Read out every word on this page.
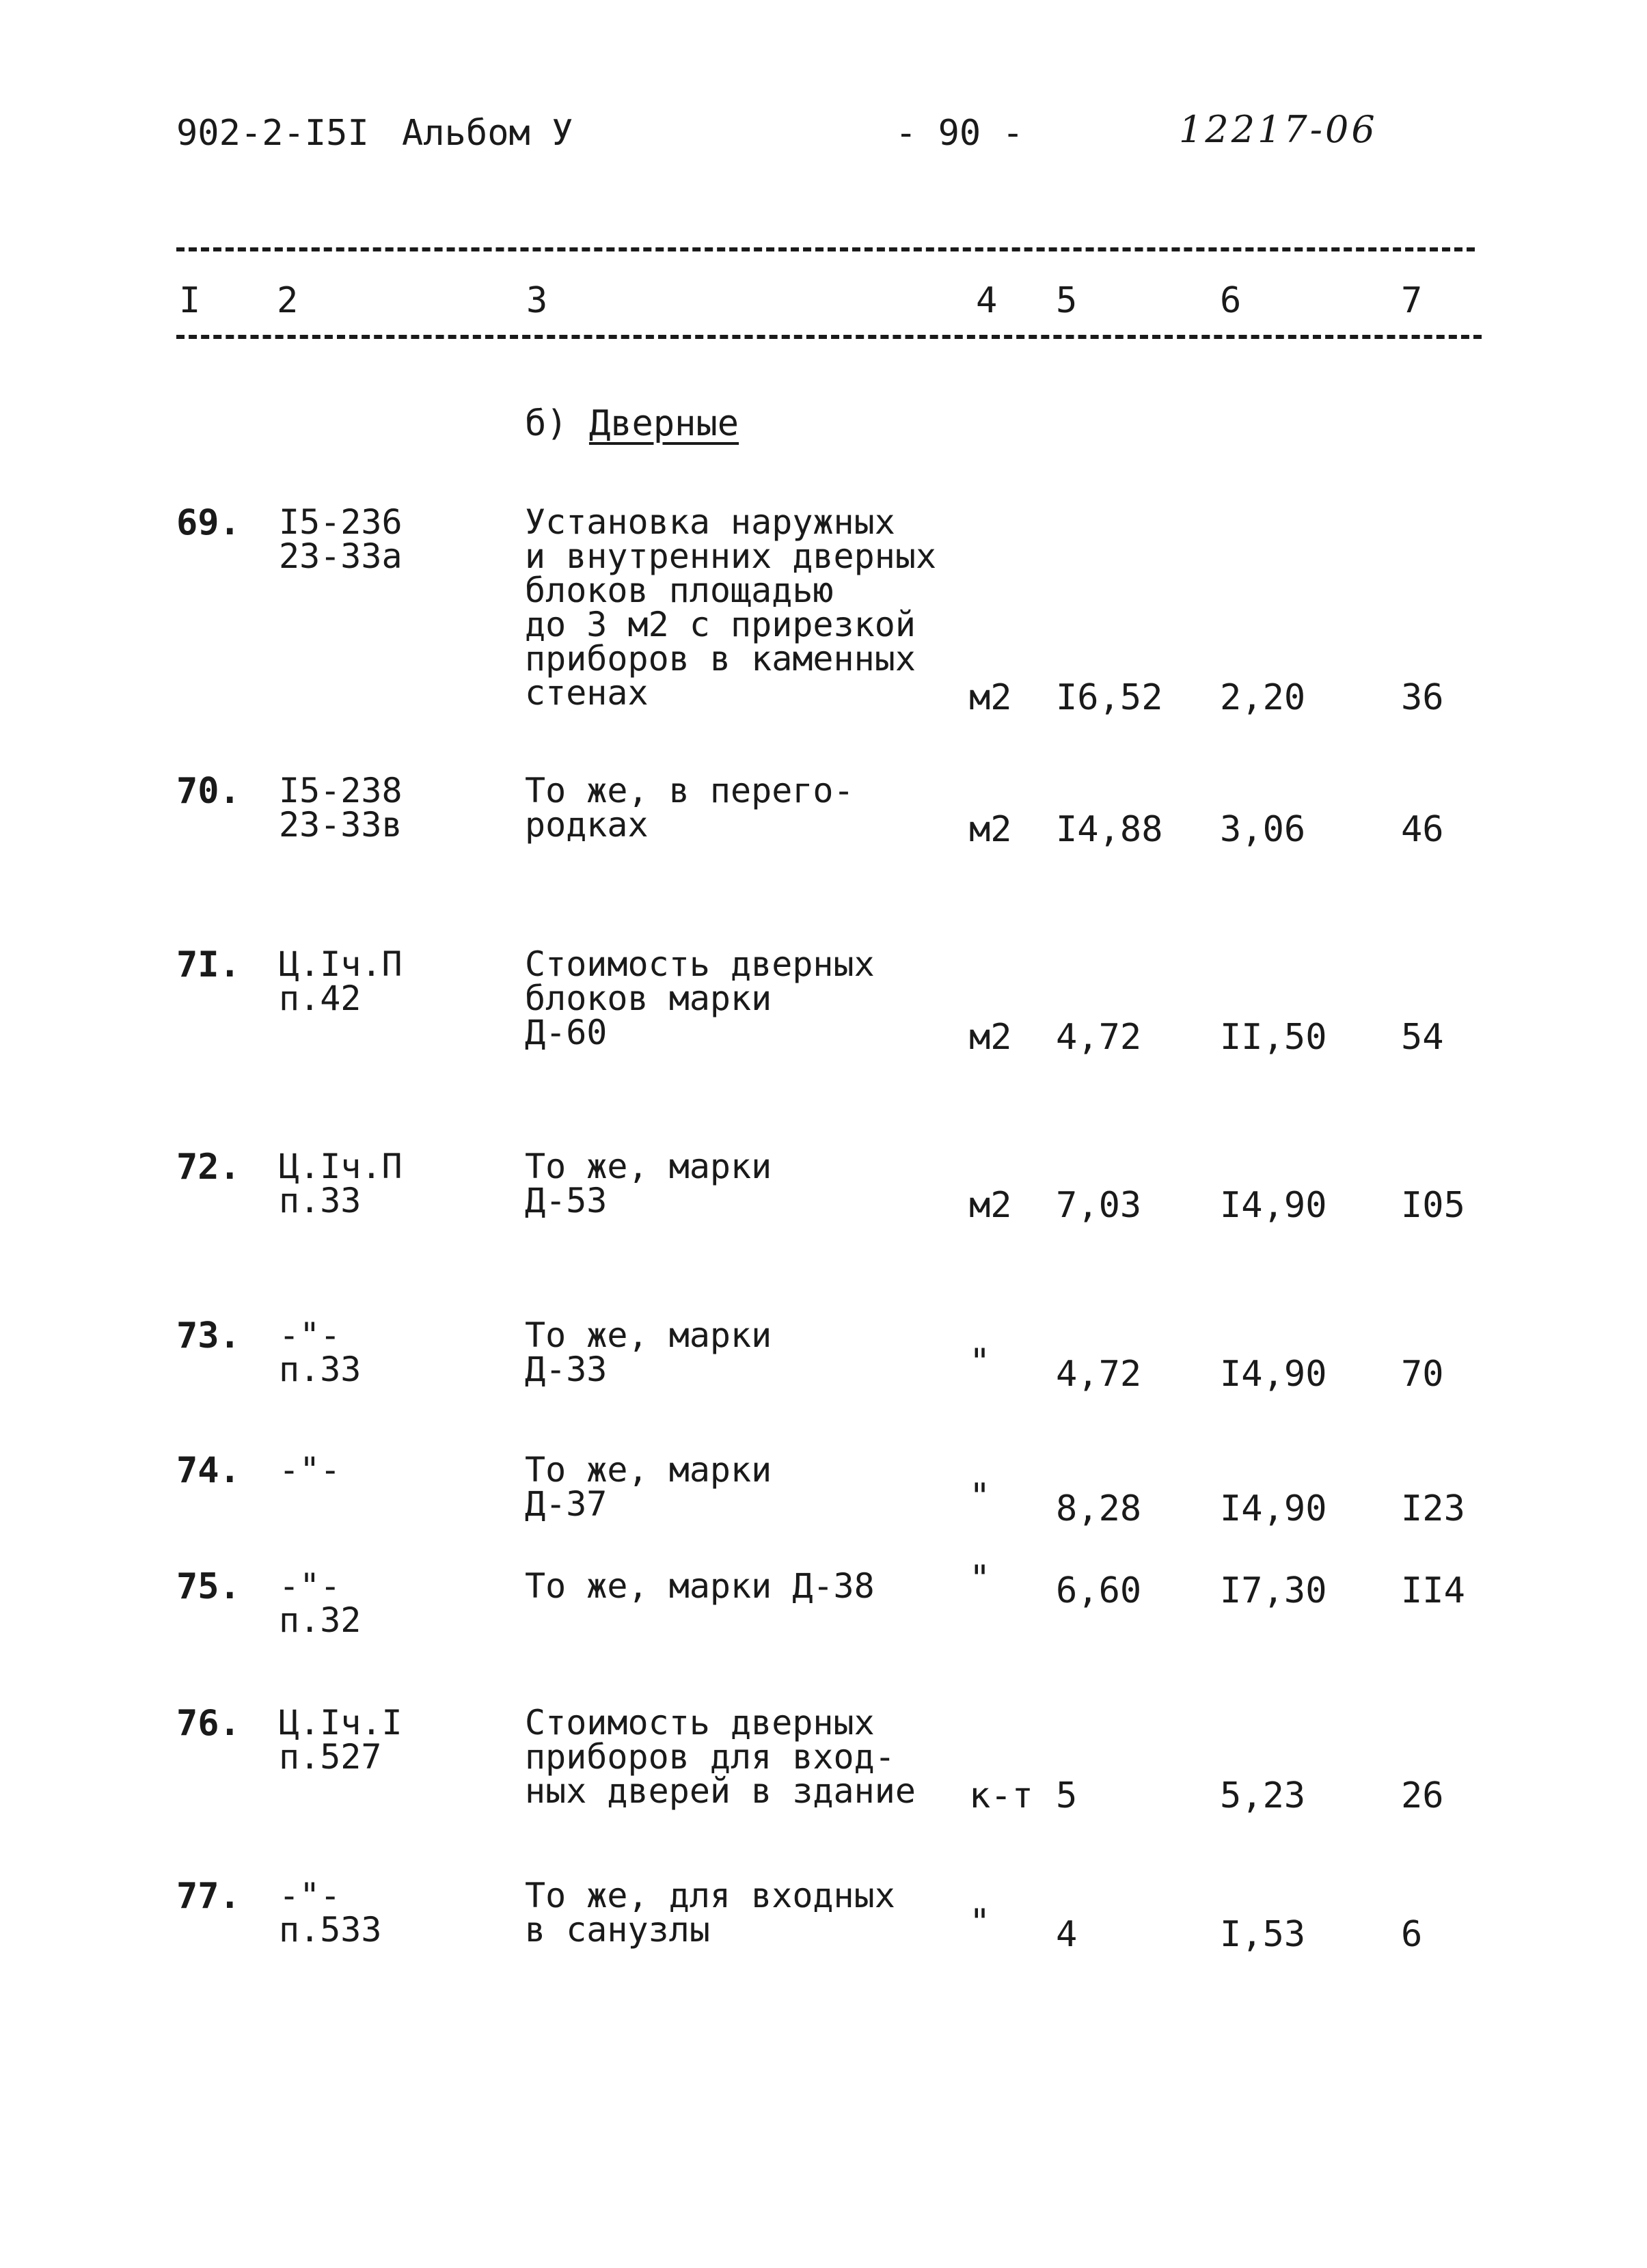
902-2-I5I Альбом У	- 90 -	12217-06
I 2	3	4 5	6	7
б) Дверные
69. I5-236
23-33а
Установка наружных
и внутренних дверных
блоков площадью
до 3 м2 с прирезкой
приборов в каменных
стенах	м2 I6,52 2,20	36
70. I5-238
23-33в
То же, в перего-
родках	м2 I4,88 3,06	46
7I. Ц.Iч.П
п.42
Стоимость дверных
блоков марки
Д-60	м2 4,72 II,50 54
72. Ц.Iч.П
п.33
То же, марки
Д-53	м2 7,03 I4,90 I05
73. -"-
п.33
То же, марки
Д-33	" 4,72 I4,90 70
74. -"-	То же, марки
Д-37	" 8,28 I4,90 I23
75. -"-
п.32
То же, марки Д-38	" 6,60 I7,30 II4
76. Ц.Iч.I
п.527
Стоимость дверных
приборов для вход-
ных дверей в здание к-т 5	5,23	26
77. -"-
п.533
То же, для входных
в санузлы	" 4	I,53	6
